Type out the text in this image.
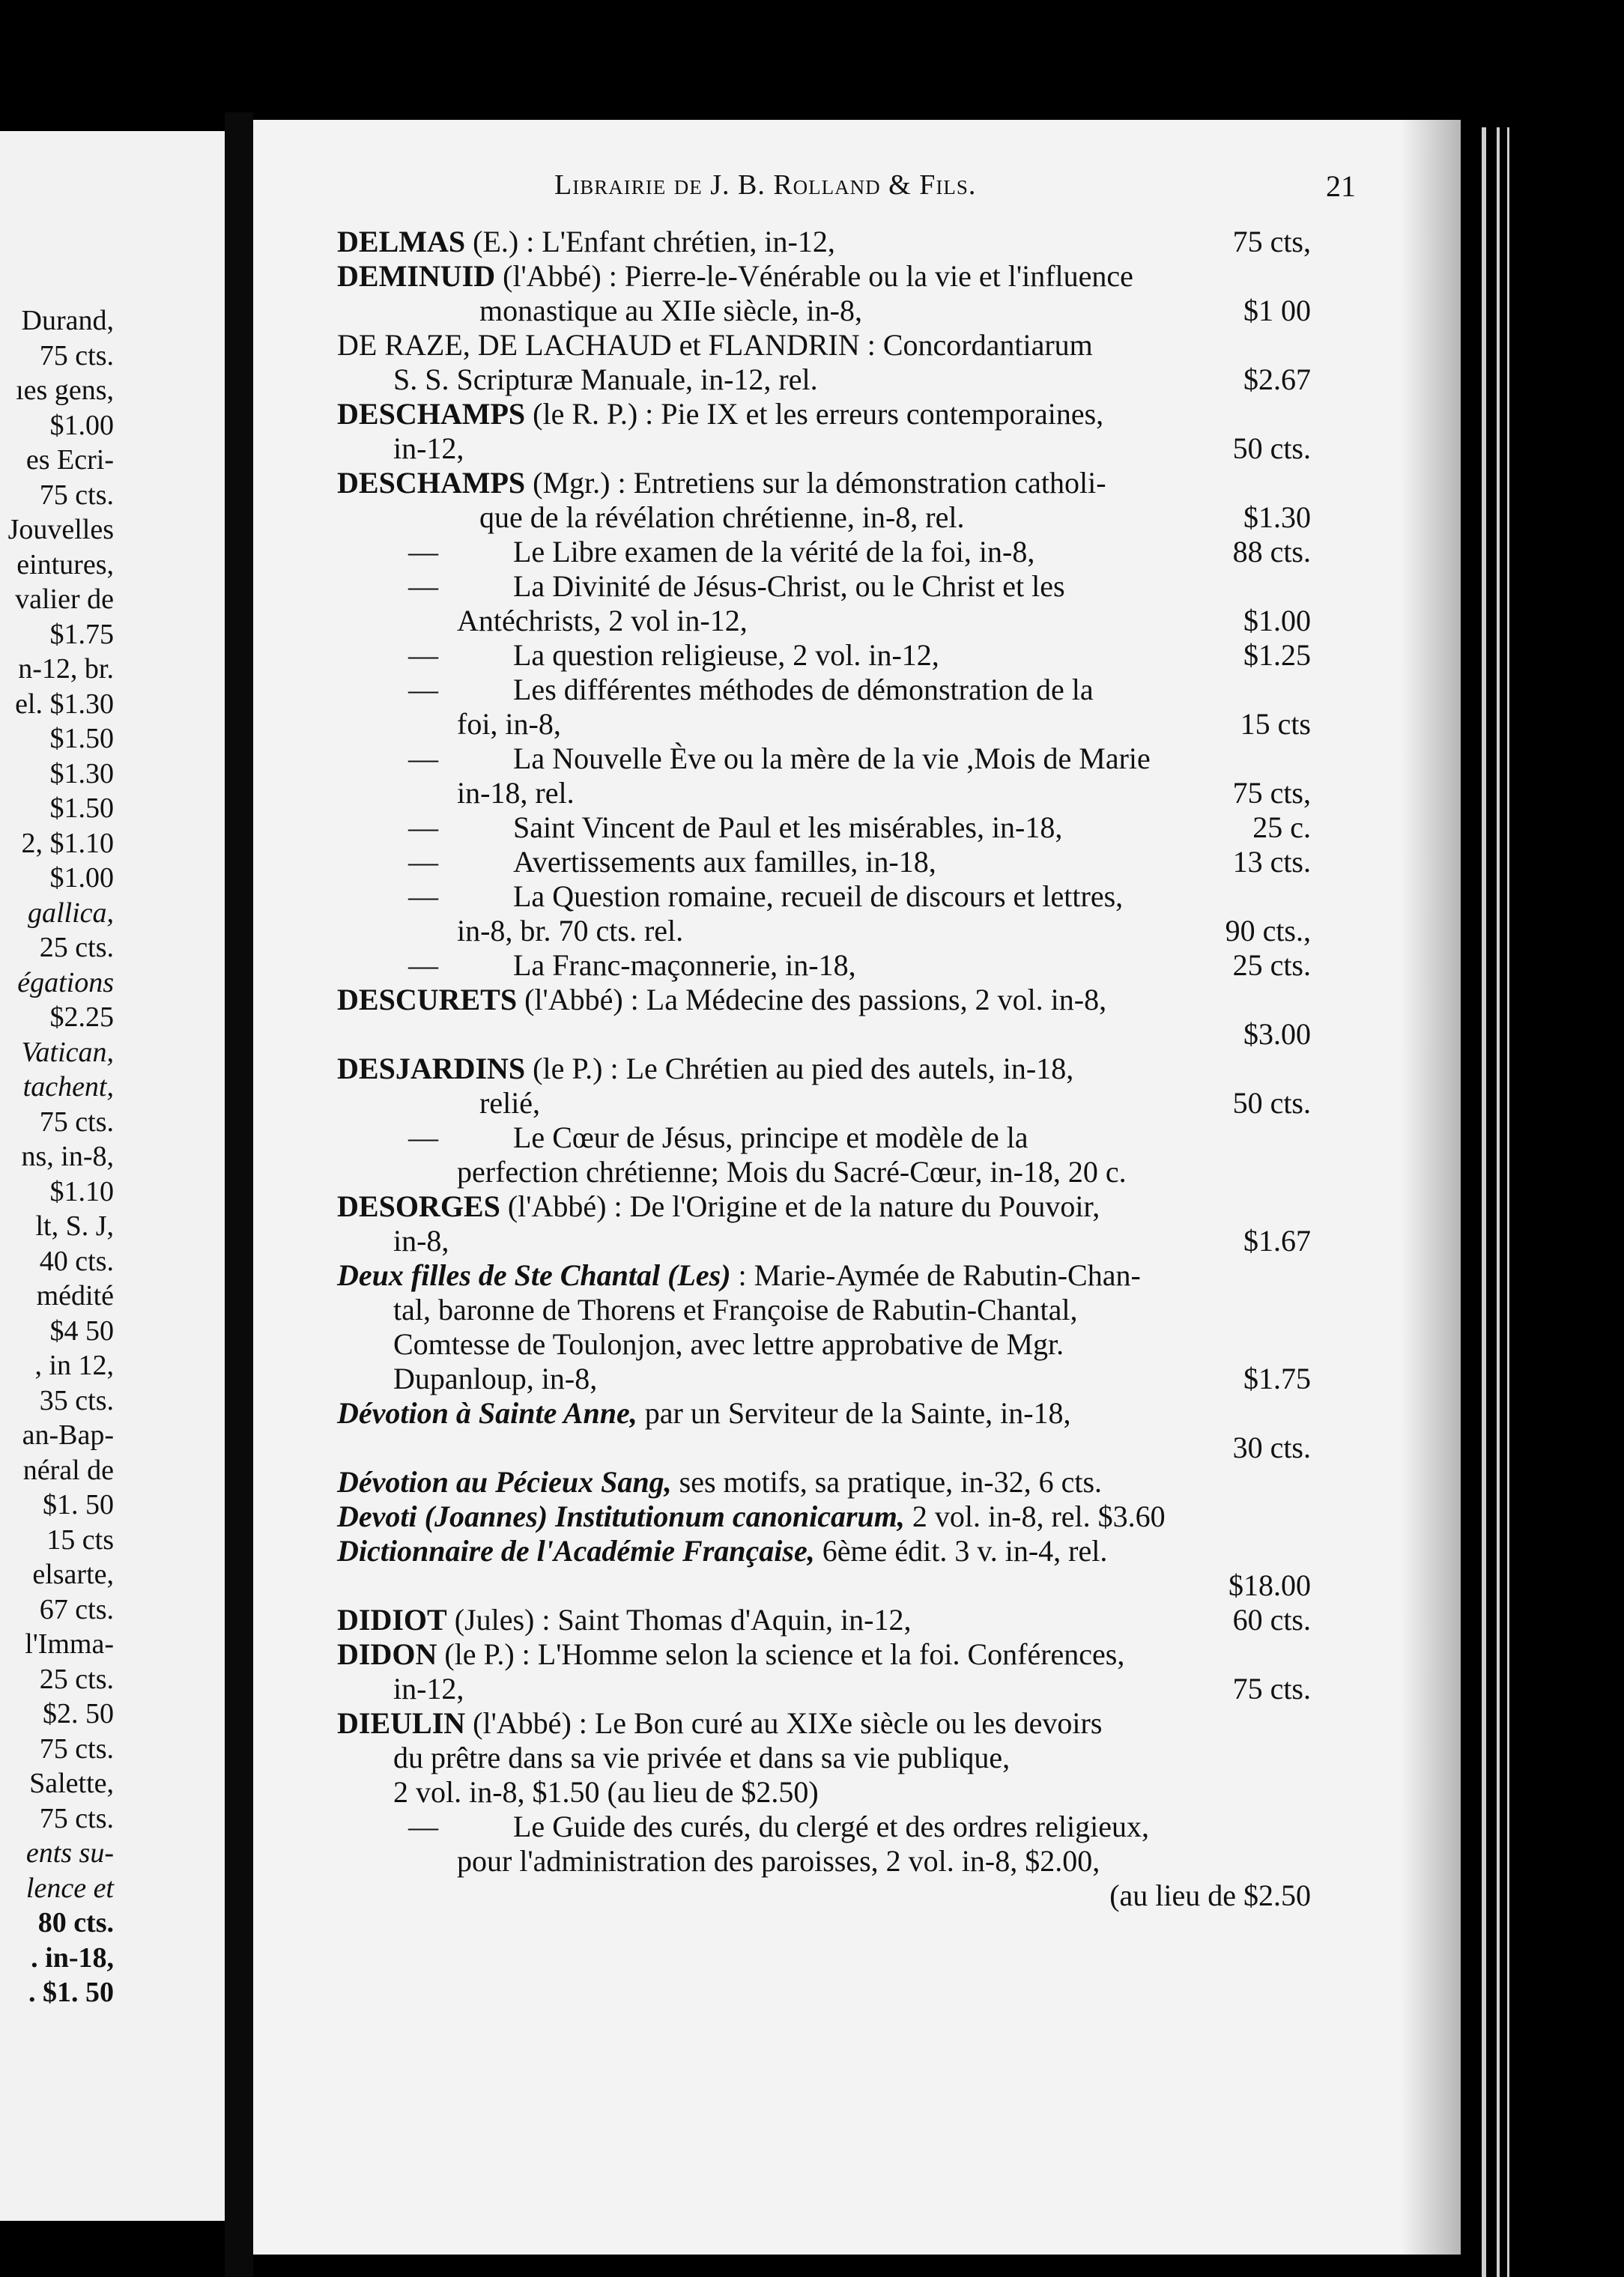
Durand,
75 cts.
ıes gens,
$1.00
es Ecri-
75 cts.
Jouvelles
eintures,
valier de
$1.75
n-12, br.
el. $1.30
$1.50
$1.30
$1.50
2, $1.10
$1.00
gallica,
25 cts.
égations
$2.25
Vatican,
tachent,
75 cts.
ns, in-8,
$1.10
lt, S. J,
40 cts.
médité
$4 50
, in 12,
35 cts.
an-Bap-
néral de
$1. 50
15 cts
elsarte,
67 cts.
l'Imma-
25 cts.
$2. 50
75 cts.
Salette,
75 cts.
ents su-
lence et
80 cts.
. in-18,
. $1. 50
Librairie de J. B. Rolland & Fils.	21
DELMAS (E.) : L'Enfant chrétien, in-12,	75 cts,
DEMINUID (l'Abbé) : Pierre-le-Vénérable ou la vie et l'influence
monastique au XIIe siècle, in-8,	$1 00
DE RAZE, DE LACHAUD et FLANDRIN : Concordantiarum
S. S. Scripturæ Manuale, in-12, rel.	$2.67
DESCHAMPS (le R. P.) : Pie IX et les erreurs contemporaines,
in-12,	50 cts.
DESCHAMPS (Mgr.) : Entretiens sur la démonstration catholi-
que de la révélation chrétienne, in-8, rel.	$1.30
—	Le Libre examen de la vérité de la foi, in-8,	88 cts.
—	La Divinité de Jésus-Christ, ou le Christ et les
Antéchrists, 2 vol in-12,	$1.00
—	La question religieuse, 2 vol. in-12,	$1.25
—	Les différentes méthodes de démonstration de la
foi, in-8,	15 cts
—	La Nouvelle Ève ou la mère de la vie ,Mois de Marie
in-18, rel.	75 cts,
—	Saint Vincent de Paul et les misérables, in-18,	25 c.
—	Avertissements aux familles, in-18,	13 cts.
—	La Question romaine, recueil de discours et lettres,
in-8, br. 70 cts. rel.	90 cts.,
—	La Franc-maçonnerie, in-18,	25 cts.
DESCURETS (l'Abbé) : La Médecine des passions, 2 vol. in-8,
$3.00
DESJARDINS (le P.) : Le Chrétien au pied des autels, in-18,
relié,	50 cts.
—	Le Cœur de Jésus, principe et modèle de la
perfection chrétienne; Mois du Sacré-Cœur, in-18, 20 c.
DESORGES (l'Abbé) : De l'Origine et de la nature du Pouvoir,
in-8,	$1.67
Deux filles de Ste Chantal (Les) : Marie-Aymée de Rabutin-Chan-
tal, baronne de Thorens et Françoise de Rabutin-Chantal,
Comtesse de Toulonjon, avec lettre approbative de Mgr.
Dupanloup, in-8,	$1.75
Dévotion à Sainte Anne, par un Serviteur de la Sainte, in-18,
30 cts.
Dévotion au Pécieux Sang, ses motifs, sa pratique, in-32, 6 cts.
Devoti (Joannes) Institutionum canonicarum, 2 vol. in-8, rel. $3.60
Dictionnaire de l'Académie Française, 6ème édit. 3 v. in-4, rel.
$18.00
DIDIOT (Jules) : Saint Thomas d'Aquin, in-12,	60 cts.
DIDON (le P.) : L'Homme selon la science et la foi. Conférences,
in-12,	75 cts.
DIEULIN (l'Abbé) : Le Bon curé au XIXe siècle ou les devoirs
du prêtre dans sa vie privée et dans sa vie publique,
2 vol. in-8, $1.50 (au lieu de $2.50)
—	Le Guide des curés, du clergé et des ordres religieux,
pour l'administration des paroisses, 2 vol. in-8, $2.00,
(au lieu de $2.50
